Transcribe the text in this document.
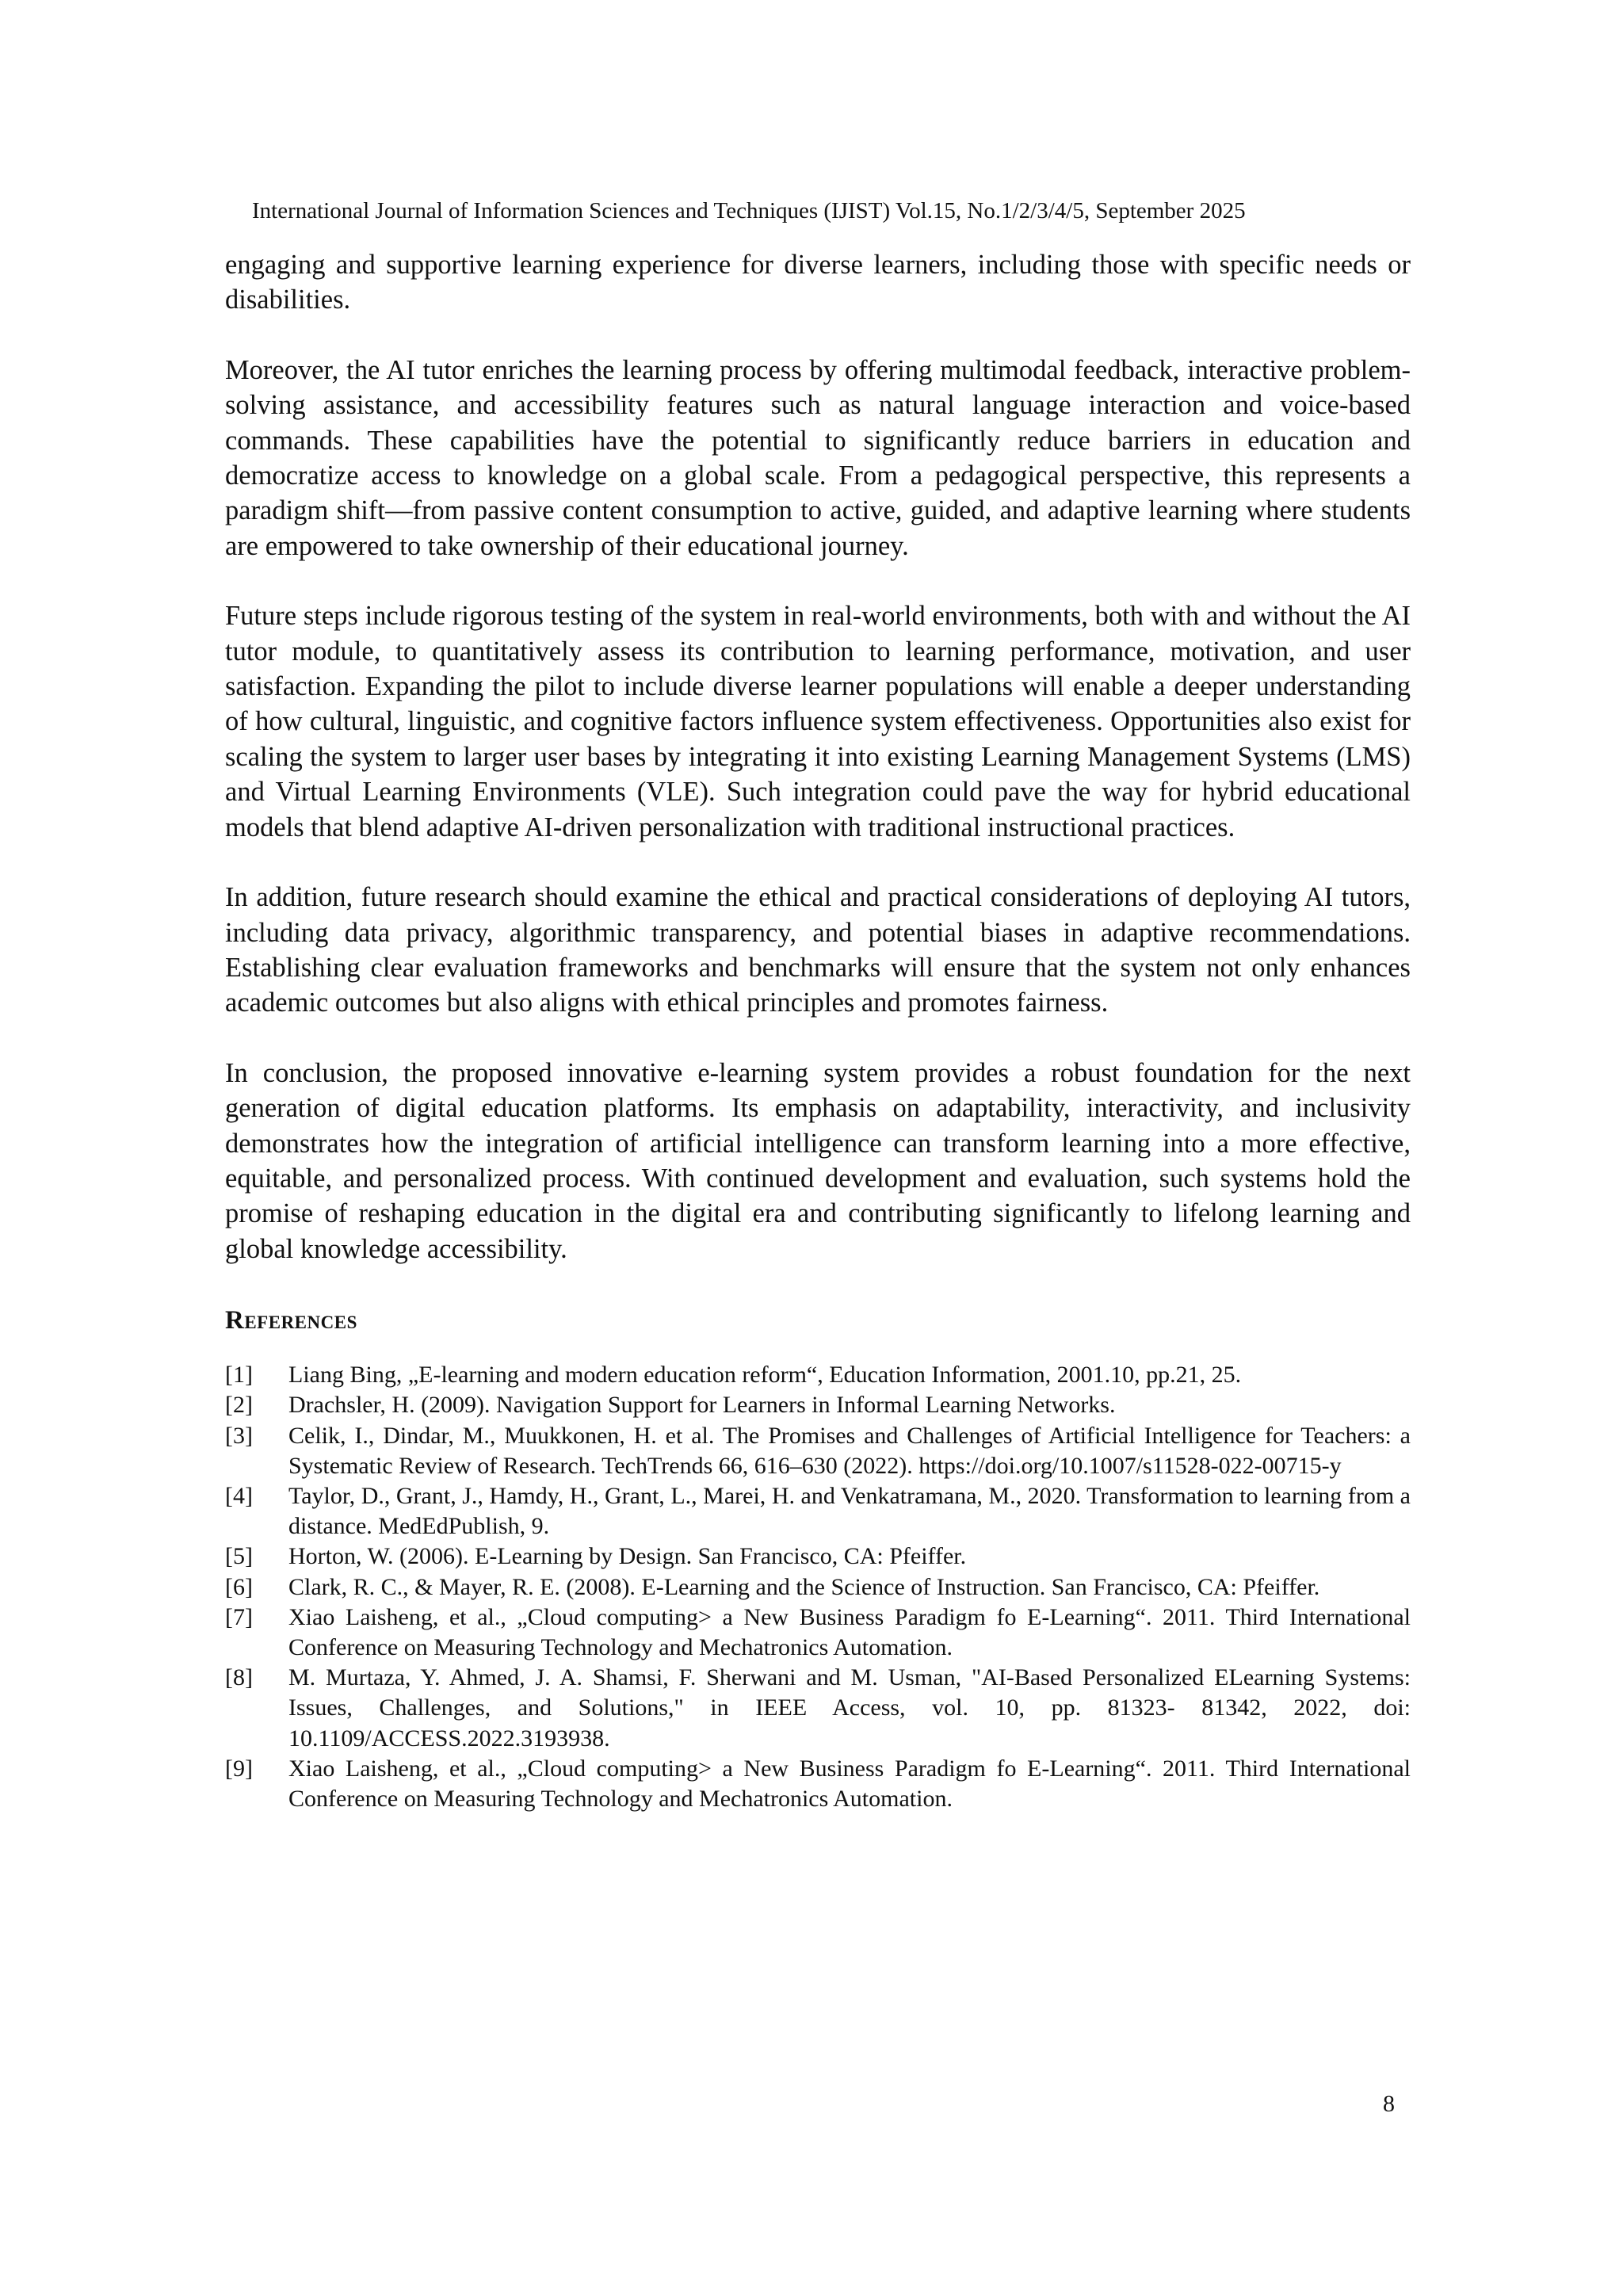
International Journal of Information Sciences and Techniques (IJIST) Vol.15, No.1/2/3/4/5, September 2025

engaging and supportive learning experience for diverse learners, including those with specific needs or disabilities.

Moreover, the AI tutor enriches the learning process by offering multimodal feedback, interactive problem-solving assistance, and accessibility features such as natural language interaction and voice-based commands. These capabilities have the potential to significantly reduce barriers in education and democratize access to knowledge on a global scale. From a pedagogical perspective, this represents a paradigm shift—from passive content consumption to active, guided, and adaptive learning where students are empowered to take ownership of their educational journey.

Future steps include rigorous testing of the system in real-world environments, both with and without the AI tutor module, to quantitatively assess its contribution to learning performance, motivation, and user satisfaction. Expanding the pilot to include diverse learner populations will enable a deeper understanding of how cultural, linguistic, and cognitive factors influence system effectiveness. Opportunities also exist for scaling the system to larger user bases by integrating it into existing Learning Management Systems (LMS) and Virtual Learning Environments (VLE). Such integration could pave the way for hybrid educational models that blend adaptive AI-driven personalization with traditional instructional practices.

In addition, future research should examine the ethical and practical considerations of deploying AI tutors, including data privacy, algorithmic transparency, and potential biases in adaptive recommendations. Establishing clear evaluation frameworks and benchmarks will ensure that the system not only enhances academic outcomes but also aligns with ethical principles and promotes fairness.

In conclusion, the proposed innovative e-learning system provides a robust foundation for the next generation of digital education platforms. Its emphasis on adaptability, interactivity, and inclusivity demonstrates how the integration of artificial intelligence can transform learning into a more effective, equitable, and personalized process. With continued development and evaluation, such systems hold the promise of reshaping education in the digital era and contributing significantly to lifelong learning and global knowledge accessibility.

References
[1]	Liang Bing, „E-learning and modern education reform“, Education Information, 2001.10, pp.21, 25.
[2]	Drachsler, H. (2009). Navigation Support for Learners in Informal Learning Networks.
[3]	Celik, I., Dindar, M., Muukkonen, H. et al. The Promises and Challenges of Artificial Intelligence for Teachers: a Systematic Review of Research. TechTrends 66, 616–630 (2022). https://doi.org/10.1007/s11528-022-00715-y
[4]	Taylor, D., Grant, J., Hamdy, H., Grant, L., Marei, H. and Venkatramana, M., 2020. Transformation to learning from a distance. MedEdPublish, 9.
[5]	Horton, W. (2006). E-Learning by Design. San Francisco, CA: Pfeiffer.
[6]	Clark, R. C., & Mayer, R. E. (2008). E-Learning and the Science of Instruction. San Francisco, CA: Pfeiffer.
[7]	Xiao Laisheng, et al., „Cloud computing> a New Business Paradigm fo E-Learning“. 2011. Third International Conference on Measuring Technology and Mechatronics Automation.
[8]	M. Murtaza, Y. Ahmed, J. A. Shamsi, F. Sherwani and M. Usman, "AI-Based Personalized ELearning Systems: Issues, Challenges, and Solutions," in IEEE Access, vol. 10, pp. 81323- 81342, 2022, doi: 10.1109/ACCESS.2022.3193938.
[9]	Xiao Laisheng, et al., „Cloud computing> a New Business Paradigm fo E-Learning“. 2011. Third International Conference on Measuring Technology and Mechatronics Automation.
8
